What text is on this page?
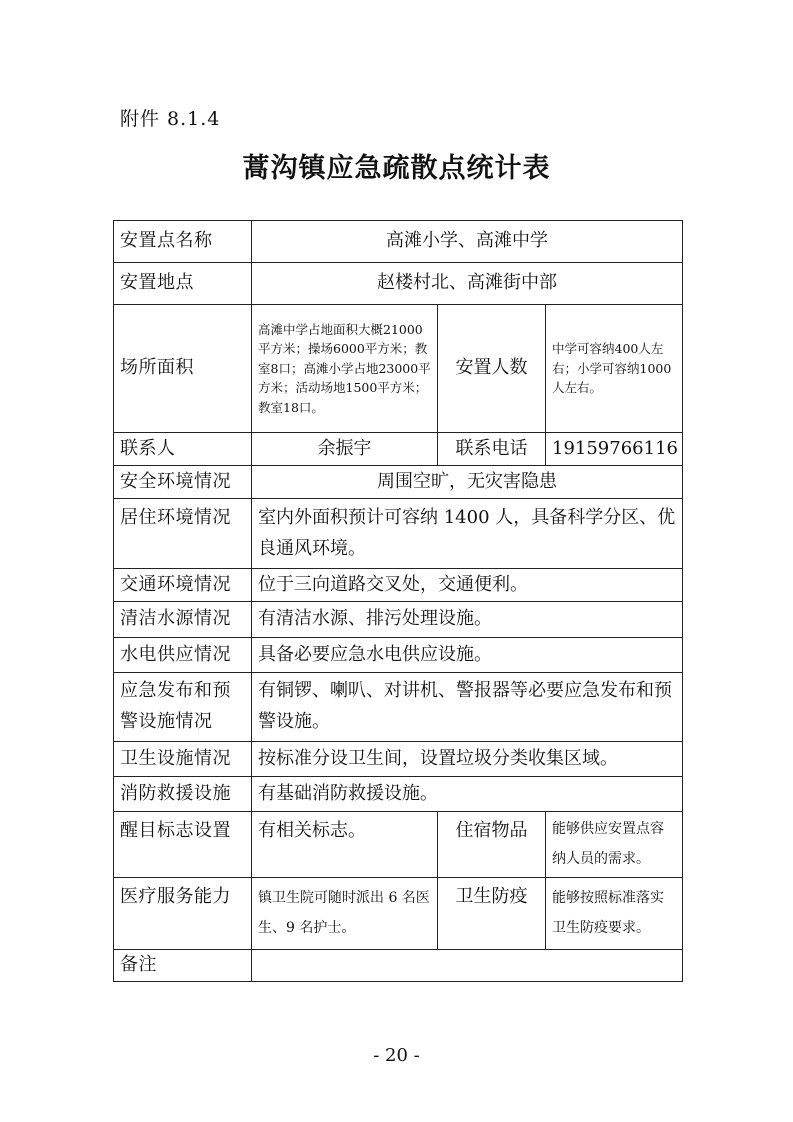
附件 8.1.4
蒿沟镇应急疏散点统计表
安置点名称	高滩小学、高滩中学		
安置地点	赵楼村北、高滩街中部		
场所面积	高滩中学占地面积大概21000平方米；操场6000平方米；教室8口；高滩小学占地23000平方米；活动场地1500平方米；教室18口。	安置人数	中学可容纳400人左右；小学可容纳1000人左右。
联系人	余振宇	联系电话	19159766116
安全环境情况	周围空旷，无灾害隐患		
居住环境情况	室内外面积预计可容纳 1400 人，具备科学分区、优良通风环境。		
交通环境情况	位于三向道路交叉处，交通便利。		
清洁水源情况	有清洁水源、排污处理设施。		
水电供应情况	具备必要应急水电供应设施。		
应急发布和预警设施情况	有铜锣、喇叭、对讲机、警报器等必要应急发布和预警设施。		
卫生设施情况	按标准分设卫生间，设置垃圾分类收集区域。		
消防救援设施	有基础消防救援设施。		
醒目标志设置	有相关标志。	住宿物品	能够供应安置点容纳人员的需求。
医疗服务能力	镇卫生院可随时派出 6 名医生、9 名护士。	卫生防疫	能够按照标准落实卫生防疫要求。
备注			
- 20 -
